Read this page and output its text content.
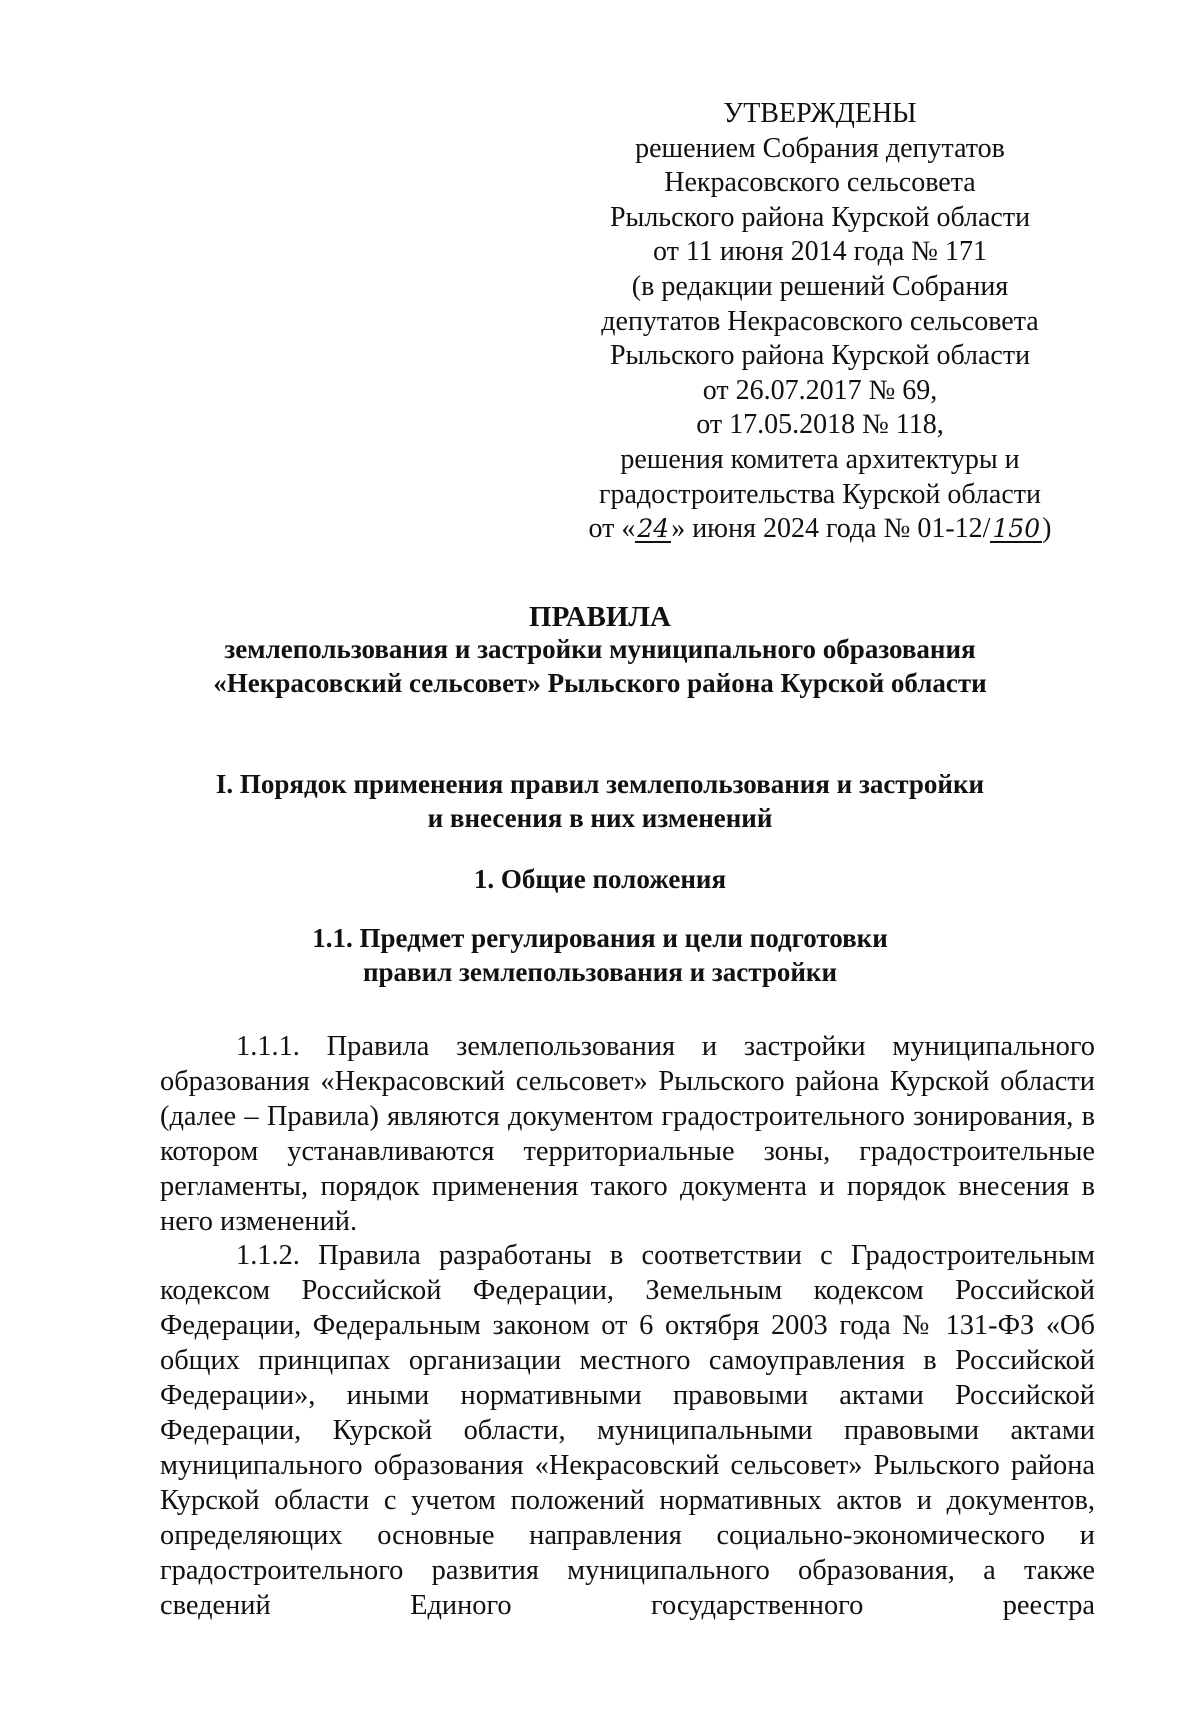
УТВЕРЖДЕНЫ
решением Собрания депутатов
Некрасовского сельсовета
Рыльского района Курской области
от 11 июня 2014 года № 171
(в редакции решений Собрания
депутатов Некрасовского сельсовета
Рыльского района Курской области
от 26.07.2017 № 69,
от 17.05.2018 № 118,
решения комитета архитектуры и
градостроительства Курской области
от «24» июня 2024 года № 01-12/150)
ПРАВИЛА
землепользования и застройки муниципального образования
«Некрасовский сельсовет» Рыльского района Курской области
I. Порядок применения правил землепользования и застройки
и внесения в них изменений
1. Общие положения
1.1. Предмет регулирования и цели подготовки
правил землепользования и застройки

1.1.1. Правила землепользования и застройки муниципального образования «Некрасовский сельсовет» Рыльского района Курской области (далее – Правила) являются документом градостроительного зонирования, в котором устанавливаются территориальные зоны, градостроительные регламенты, порядок применения такого документа и порядок внесения в него изменений.

1.1.2. Правила разработаны в соответствии с Градостроительным кодексом Российской Федерации, Земельным кодексом Российской Федерации, Федеральным законом от 6 октября 2003 года № 131-ФЗ «Об общих принципах организации местного самоуправления в Российской Федерации», иными нормативными правовыми актами Российской Федерации, Курской области, муниципальными правовыми актами муниципального образования «Некрасовский сельсовет» Рыльского района Курской области с учетом положений нормативных актов и документов, определяющих основные направления социально-экономического и градостроительного развития муниципального образования, а также сведений Единого государственного реестра
